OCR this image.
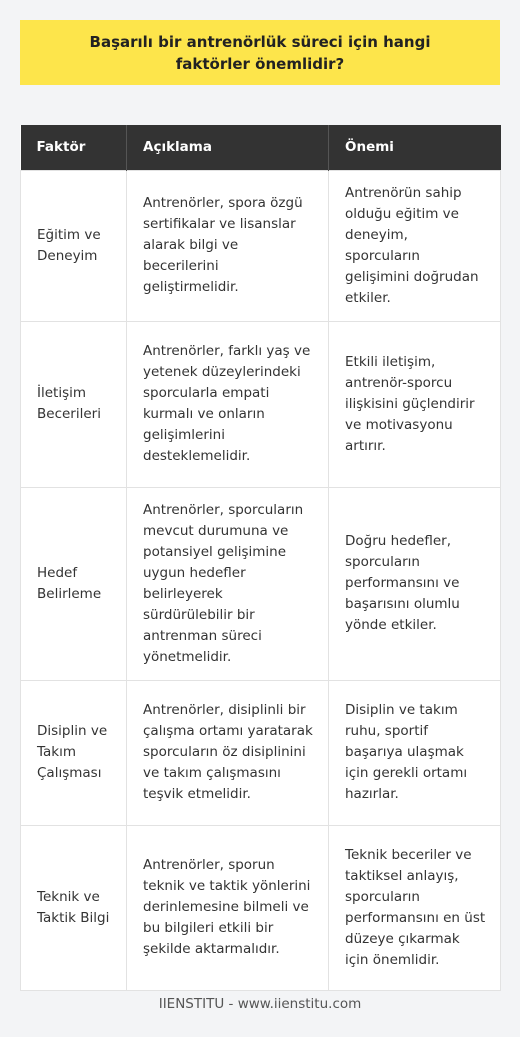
Başarılı bir antrenörlük süreci için hangi faktörler önemlidir?
Faktör	Açıklama	Önemi
Eğitim ve Deneyim	Antrenörler, spora özgü sertifikalar ve lisanslar alarak bilgi ve becerilerini geliştirmelidir.	Antrenörün sahip olduğu eğitim ve deneyim, sporcuların gelişimini doğrudan etkiler.
İletişim Becerileri	Antrenörler, farklı yaş ve yetenek düzeylerindeki sporcularla empati kurmalı ve onların gelişimlerini desteklemelidir.	Etkili iletişim, antrenör-sporcu ilişkisini güçlendirir ve motivasyonu artırır.
Hedef Belirleme	Antrenörler, sporcuların mevcut durumuna ve potansiyel gelişimine uygun hedefler belirleyerek sürdürülebilir bir antrenman süreci yönetmelidir.	Doğru hedefler, sporcuların performansını ve başarısını olumlu yönde etkiler.
Disiplin ve Takım Çalışması	Antrenörler, disiplinli bir çalışma ortamı yaratarak sporcuların öz disiplinini ve takım çalışmasını teşvik etmelidir.	Disiplin ve takım ruhu, sportif başarıya ulaşmak için gerekli ortamı hazırlar.
Teknik ve Taktik Bilgi	Antrenörler, sporun teknik ve taktik yönlerini derinlemesine bilmeli ve bu bilgileri etkili bir şekilde aktarmalıdır.	Teknik beceriler ve taktiksel anlayış, sporcuların performansını en üst düzeye çıkarmak için önemlidir.
IIENSTITU - www.iienstitu.com
